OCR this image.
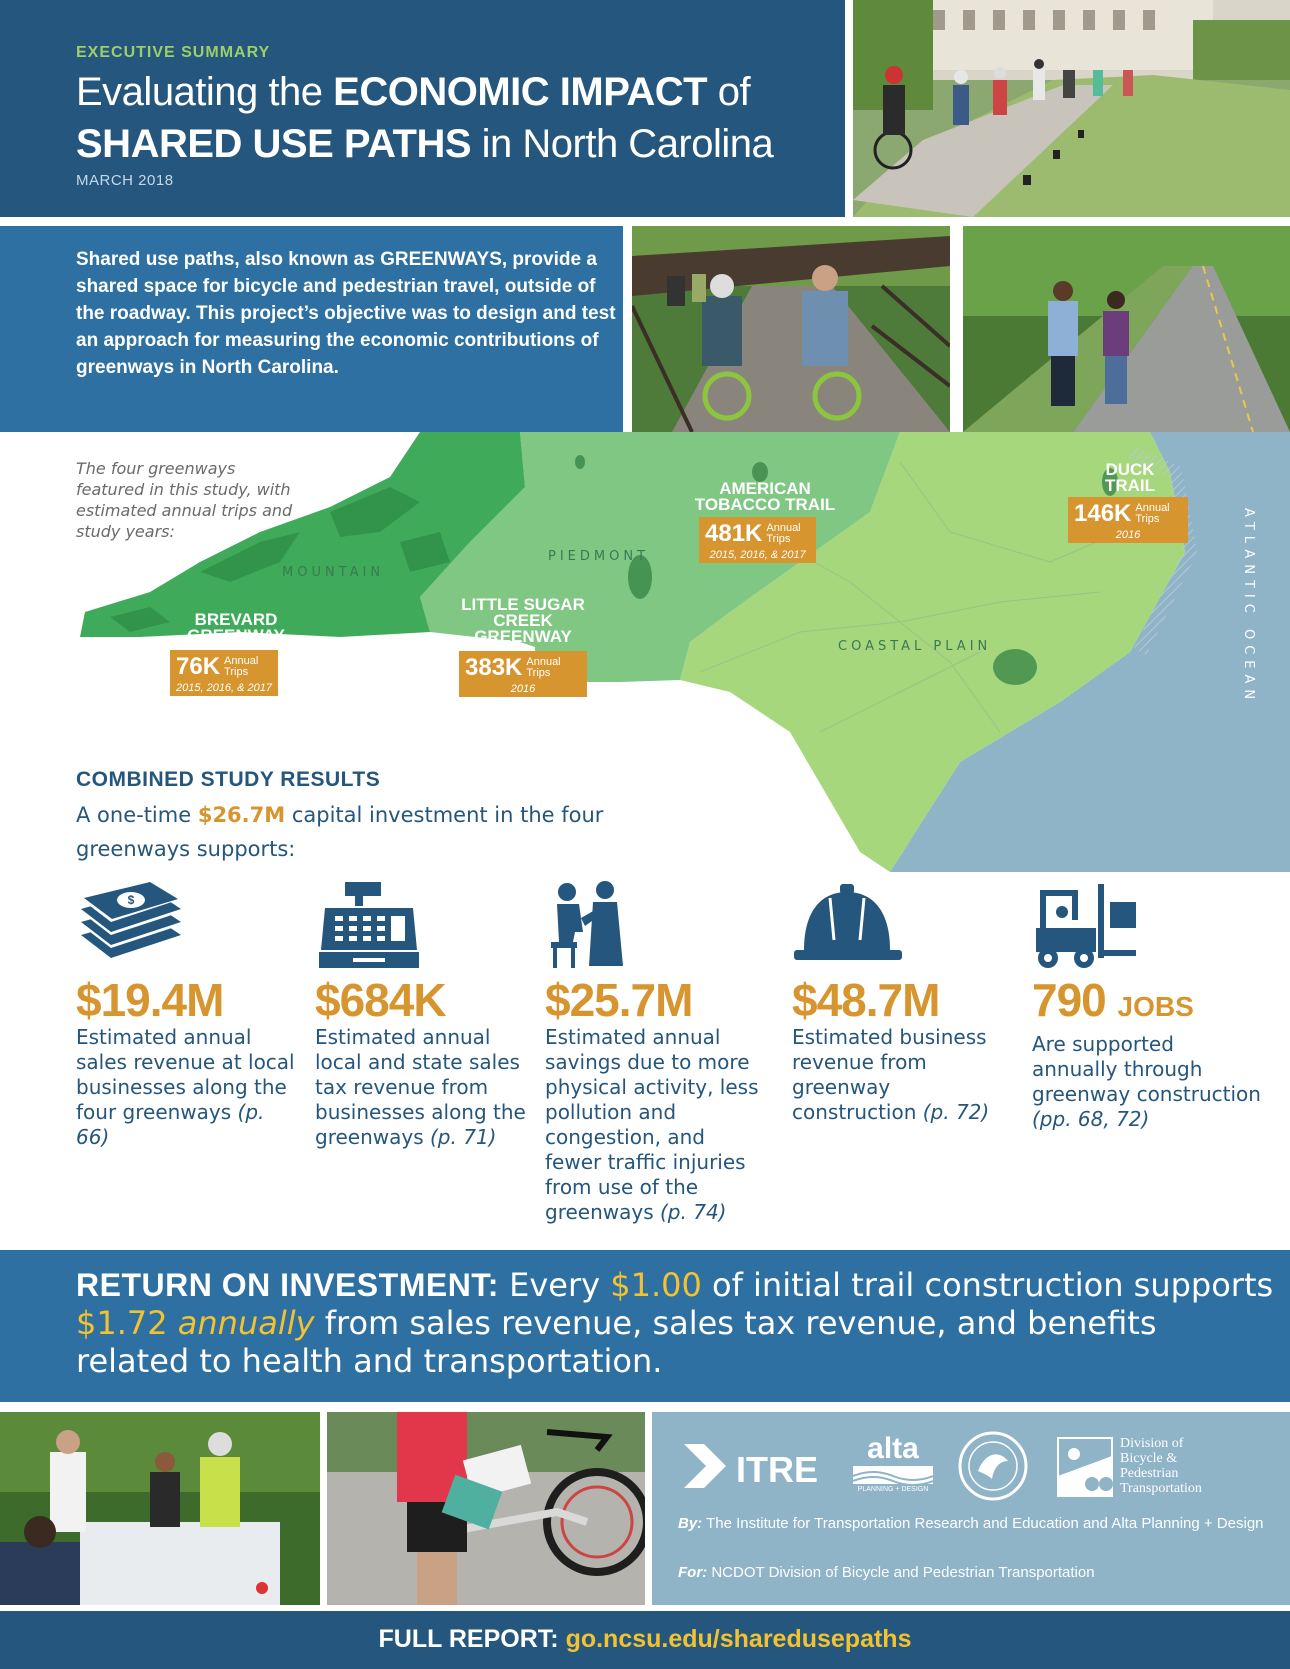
EXECUTIVE SUMMARY
Evaluating the ECONOMIC IMPACT of
SHARED USE PATHS in North Carolina
MARCH 2018
Shared use paths, also known as GREENWAYS, provide a shared space for bicycle and pedestrian travel, outside of the roadway. This project’s objective was to design and test an approach for measuring the economic contributions of greenways in North Carolina.
The four greenways featured in this study, with estimated annual trips and study years:
MOUNTAIN
PIEDMONT
COASTAL PLAIN	ATLANTIC OCEAN
BREVARD GREENWAY
76K Annual Trips
2015, 2016, & 2017
LITTLE SUGAR CREEK GREENWAY
383K Annual Trips
2016
AMERICAN TOBACCO TRAIL
481K Annual Trips
2015, 2016, & 2017
DUCK TRAIL
146K Annual Trips
2016
COMBINED STUDY RESULTS
A one-time $26.7M capital investment in the four greenways supports:
$
$19.4M
Estimated annual sales revenue at local businesses along the four greenways (p. 66)
$684K
Estimated annual local and state sales tax revenue from businesses along the greenways (p. 71)
$25.7M
Estimated annual savings due to more physical activity, less pollution and congestion, and fewer traffic injuries from use of the greenways (p. 74)
$48.7M
Estimated business revenue from greenway construction (p. 72)
790 JOBS
Are supported annually through greenway construction (pp. 68, 72)
RETURN ON INVESTMENT: Every $1.00 of initial trail construction supports $1.72 annually from sales revenue, sales tax revenue, and benefits related to health and transportation.
ITRE
alta
PLANNING + DESIGN
Division of
Bicycle &
Pedestrian
Transportation
By: The Institute for Transportation Research and Education and Alta Planning + Design
For: NCDOT Division of Bicycle and Pedestrian Transportation
FULL REPORT: go.ncsu.edu/sharedusepaths
